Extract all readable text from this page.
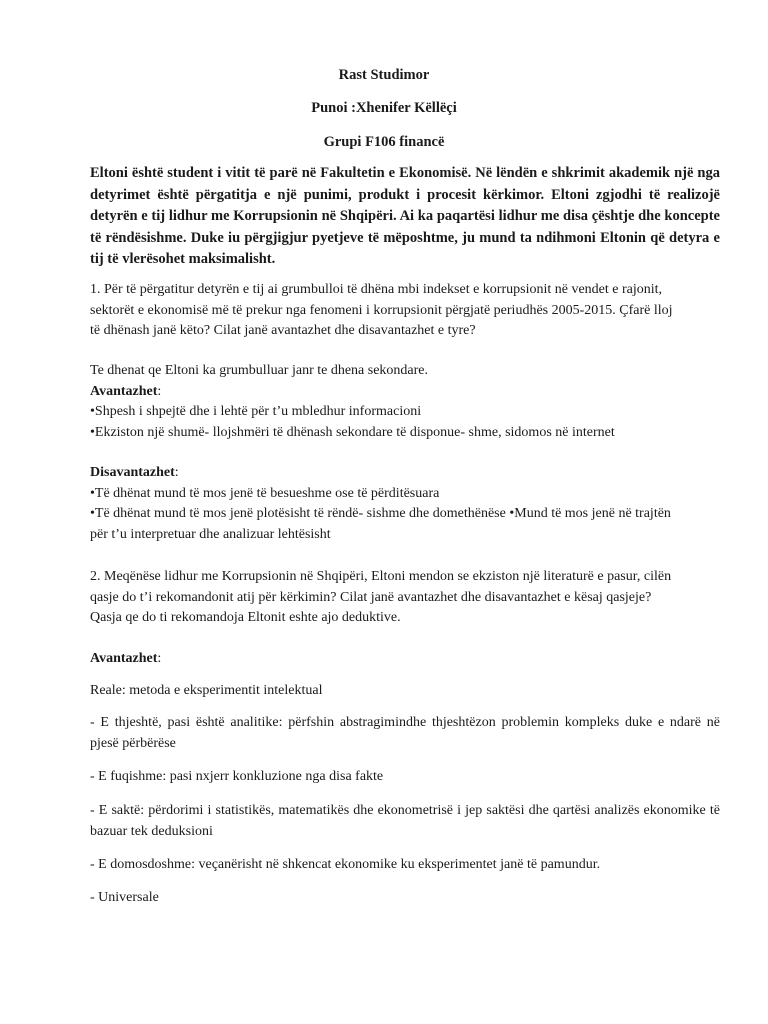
Rast Studimor
Punoi :Xhenifer Këllëçi
Grupi F106 financë
Eltoni është student i vitit të parë në Fakultetin e Ekonomisë. Në lëndën e shkrimit akademik një nga detyrimet është përgatitja e një punimi, produkt i procesit kërkimor. Eltoni zgjodhi të realizojë detyrën e tij lidhur me Korrupsionin në Shqipëri. Ai ka paqartësi lidhur me disa çështje dhe koncepte të rëndësishme. Duke iu përgjigjur pyetjeve të mëposhtme, ju mund ta ndihmoni Eltonin që detyra e tij të vlerësohet maksimalisht.
1. Për të përgatitur detyrën e tij ai grumbulloi të dhëna mbi indekset e korrupsionit në vendet e rajonit,
sektorët e ekonomisë më të prekur nga fenomeni i korrupsionit përgjatë periudhës 2005-2015. Çfarë lloj
të dhënash janë këto? Cilat janë avantazhet dhe disavantazhet e tyre?
Te dhenat qe Eltoni ka grumbulluar janr te dhena sekondare.
Avantazhet:
•Shpesh i shpejtë dhe i lehtë për t’u mbledhur informacioni
•Ekziston një shumë- llojshmëri të dhënash sekondare të disponue- shme, sidomos në internet
Disavantazhet:
•Të dhënat mund të mos jenë të besueshme ose të përditësuara
•Të dhënat mund të mos jenë plotësisht të rëndë- sishme dhe domethënëse •Mund të mos jenë në trajtën
për t’u interpretuar dhe analizuar lehtësisht
2. Meqënëse lidhur me Korrupsionin në Shqipëri, Eltoni mendon se ekziston një literaturë e pasur, cilën
qasje do t’i rekomandonit atij për kërkimin? Cilat janë avantazhet dhe disavantazhet e kësaj qasjeje?
Qasja qe do ti rekomandoja Eltonit eshte ajo deduktive.
Avantazhet:
Reale: metoda e eksperimentit intelektual
- E thjeshtë, pasi është analitike: përfshin abstragimindhe thjeshtëzon problemin kompleks duke e ndarë në pjesë përbërëse
- E fuqishme: pasi nxjerr konkluzione nga disa fakte
- E saktë: përdorimi i statistikës, matematikës dhe ekonometrisë i jep saktësi dhe qartësi analizës ekonomike të bazuar tek deduksioni
- E domosdoshme: veçanërisht në shkencat ekonomike ku eksperimentet janë të pamundur.
- Universale
